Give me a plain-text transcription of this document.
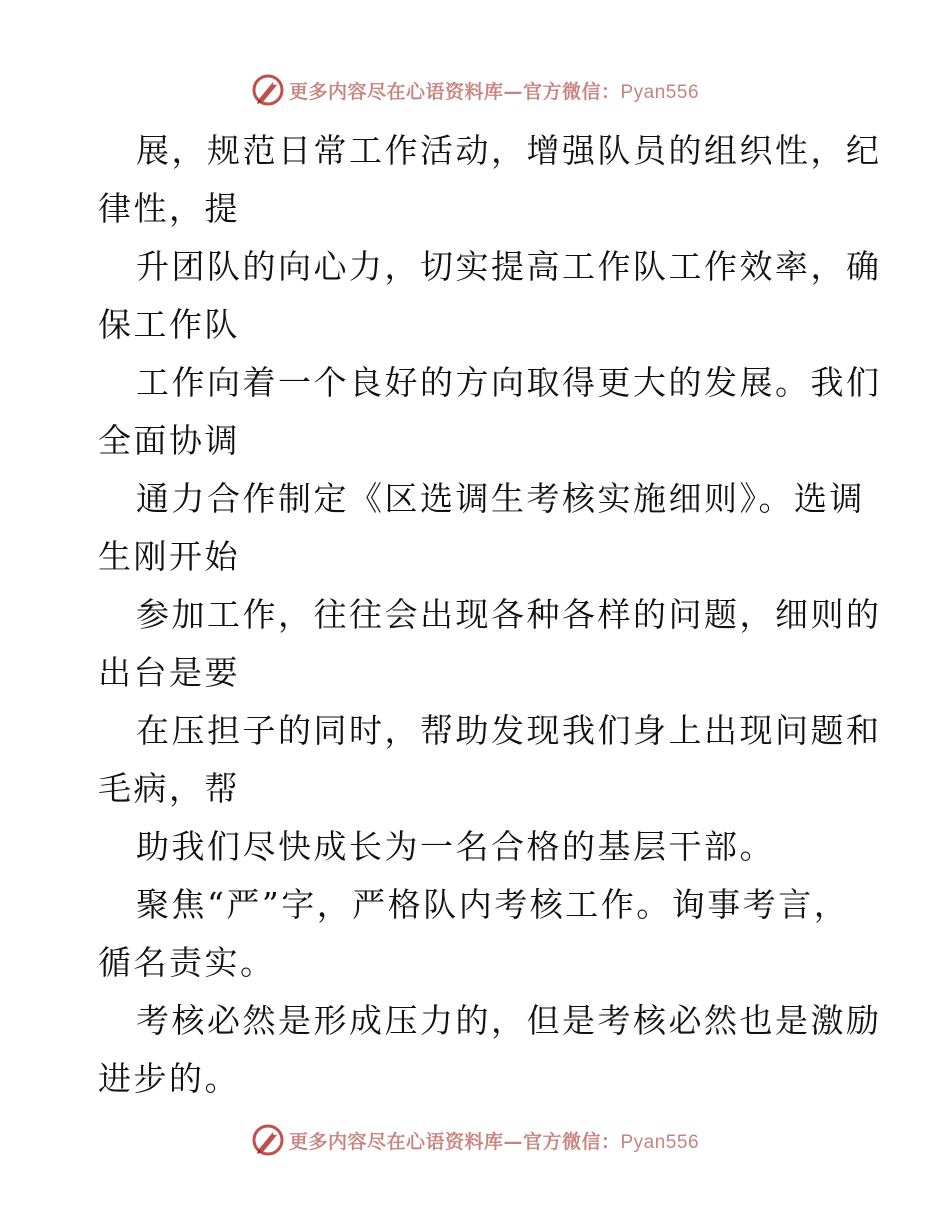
更多内容尽在心语资料库—官方微信：Pyan556
展，规范日常工作活动，增强队员的组织性，纪
律性，提
升团队的向心力，切实提高工作队工作效率，确
保工作队
工作向着一个良好的方向取得更大的发展。我们
全面协调
通力合作制定《区选调生考核实施细则》。选调
生刚开始
参加工作，往往会出现各种各样的问题，细则的
出台是要
在压担子的同时，帮助发现我们身上出现问题和
毛病，帮
助我们尽快成长为一名合格的基层干部。
聚焦“严”字，严格队内考核工作。询事考言，
循名责实。
考核必然是形成压力的，但是考核必然也是激励
进步的。
更多内容尽在心语资料库—官方微信：Pyan556
